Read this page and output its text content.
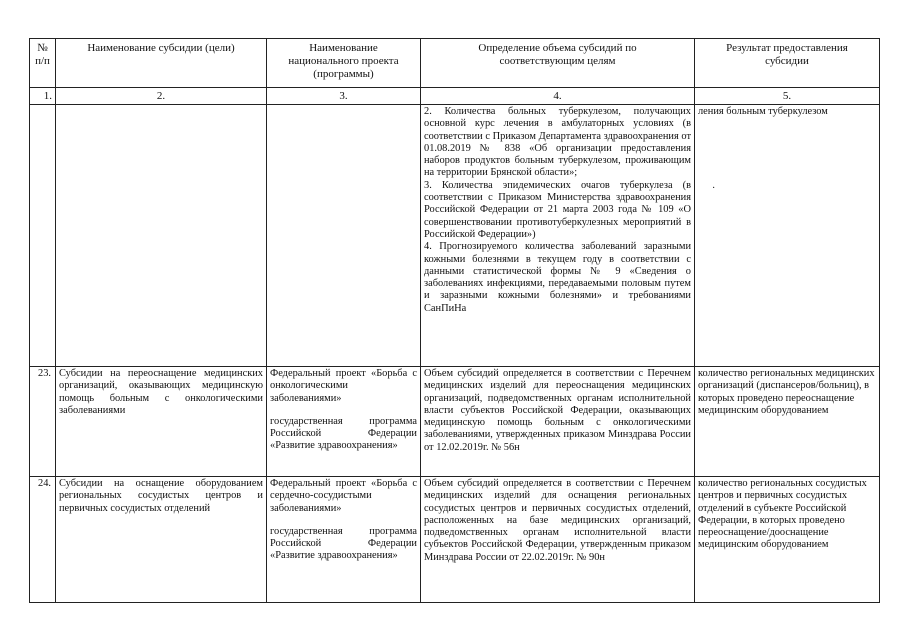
№ п/п	Наименование субсидии (цели)	Наименование национального проекта (программы)	Определение объема субсидий по соответствующим целям	Результат предоставления субсидии
1.	2.	3.	4.	5.

			2. Количества больных туберкулезом, получающих основной курс лечения в амбулаторных условиях (в соответствии с Приказом Департамента здравоохранения от 01.08.2019 № 838 «Об организации предоставления наборов продуктов больным туберкулезом, проживающим на территории Брянской области»;

3. Количества эпидемических очагов туберкулеза (в соответствии с Приказом Министерства здравоохранения Российской Федерации от 21 марта 2003 года № 109 «О совершенствовании противотуберкулезных мероприятий в Российской Федерации»)

4. Прогнозируемого количества заболеваний заразными кожными болезнями в текущем году в соответствии с данными статистической формы № 9 «Сведения о заболеваниях инфекциями, передаваемыми половым путем и заразными кожными болезнями» и требованиями СанПиНа	ления больным туберкулезом
23.	Субсидии на переоснащение медицинских организаций, оказывающих медицинскую помощь больным с онкологическими заболеваниями	Федеральный проект «Борьба с онкологическими заболеваниями»

государственная программа Российской Федерации «Развитие здравоохранения»	Объем субсидий определяется в соответствии с Перечнем медицинских изделий для переоснащения медицинских организаций, подведомственных органам исполнительной власти субъектов Российской Федерации, оказывающих медицинскую помощь больным с онкологическими заболеваниями, утвержденных приказом Минздрава России от 12.02.2019г. № 56н	количество региональных медицинских организаций (диспансеров/больниц), в которых проведено переоснащение медицинским оборудованием
24.	Субсидии на оснащение оборудованием региональных сосудистых центров и первичных сосудистых отделений	Федеральный проект «Борьба с сердечно-сосудистыми заболеваниями»

государственная программа Российской Федерации «Развитие здравоохранения»	Объем субсидий определяется в соответствии с Перечнем медицинских изделий для оснащения региональных сосудистых центров и первичных сосудистых отделений, расположенных на базе медицинских организаций, подведомственных органам исполнительной власти субъектов Российской Федерации, утвержденным приказом Минздрава России от 22.02.2019г. № 90н	количество региональных сосудистых центров и первичных сосудистых отделений в субъекте Российской Федерации, в которых проведено переоснащение/дооснащение медицинским оборудованием
·
